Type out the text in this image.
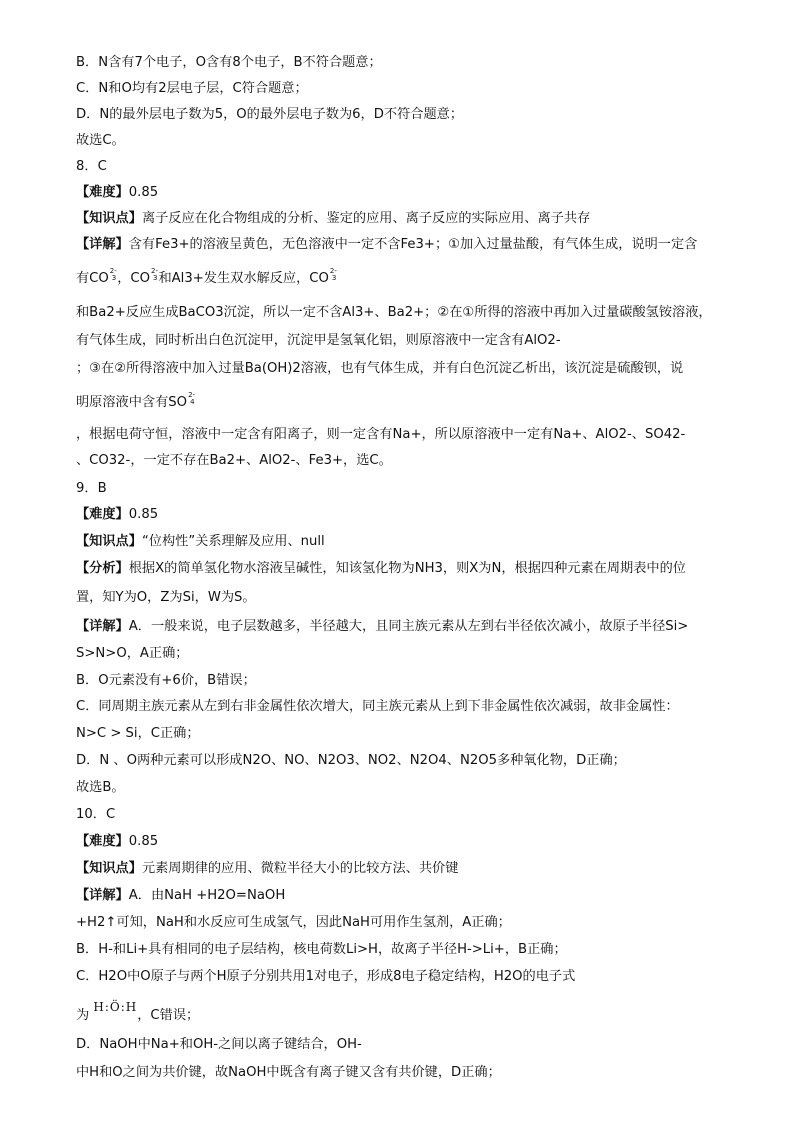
B．N含有7个电子，O含有8个电子，B不符合题意；
C．N和O均有2层电子层，C符合题意；
D．N的最外层电子数为5，O的最外层电子数为6，D不符合题意；
故选C。
8．C
【难度】0.85
【知识点】离子反应在化合物组成的分析、鉴定的应用、离子反应的实际应用、离子共存
【详解】含有Fe3+的溶液呈黄色，无色溶液中一定不含Fe3+；①加入过量盐酸，有气体生成，说明一定含
有$CO^{2-}3$，$CO^{2-}3$和Al3+发生双水解反应，$CO^{2-}3$
和Ba2+反应生成BaCO3沉淀，所以一定不含Al3+、Ba2+；②在①所得的溶液中再加入过量碳酸氢铵溶液，
有气体生成，同时析出白色沉淀甲，沉淀甲是氢氧化铝，则原溶液中一定含有AlO2-
；③在②所得溶液中加入过量Ba(OH)2溶液，也有气体生成，并有白色沉淀乙析出，该沉淀是硫酸钡，说
明原溶液中含有$SO^{2-}4$
，根据电荷守恒，溶液中一定含有阳离子，则一定含有Na+，所以原溶液中一定有Na+、AlO2-、SO42-
、CO32-，一定不存在Ba2+、AlO2-、Fe3+，选C。
9．B
【难度】0.85
【知识点】“位构性”关系理解及应用、null
【分析】根据X的简单氢化物水溶液呈碱性，知该氢化物为NH3，则X为N，根据四种元素在周期表中的位
置，知Y为O，Z为Si，W为S。
【详解】A．一般来说，电子层数越多，半径越大，且同主族元素从左到右半径依次减小，故原子半径Si>
S>N>O，A正确；
B．O元素没有+6价，B错误；
C．同周期主族元素从左到右非金属性依次增大，同主族元素从上到下非金属性依次减弱，故非金属性：
N>C > Si，C正确；
D．N 、O两种元素可以形成N2O、NO、N2O3、NO2、N2O4、N2O5多种氧化物，D正确；
故选B。
10．C
【难度】0.85
【知识点】元素周期律的应用、微粒半径大小的比较方法、共价键
【详解】A．由NaH +H2O=NaOH
+H2↑可知，NaH和水反应可生成氢气，因此NaH可用作生氢剂，A正确；
B．H-和Li+具有相同的电子层结构，核电荷数Li>H，故离子半径H->Li+，B正确；
C．H2O中O原子与两个H原子分别共用1对电子，形成8电子稳定结构，H2O的电子式
为 H:Ö:H，C错误；
D．NaOH中Na+和OH-之间以离子键结合，OH-
中H和O之间为共价键，故NaOH中既含有离子键又含有共价键，D正确；
